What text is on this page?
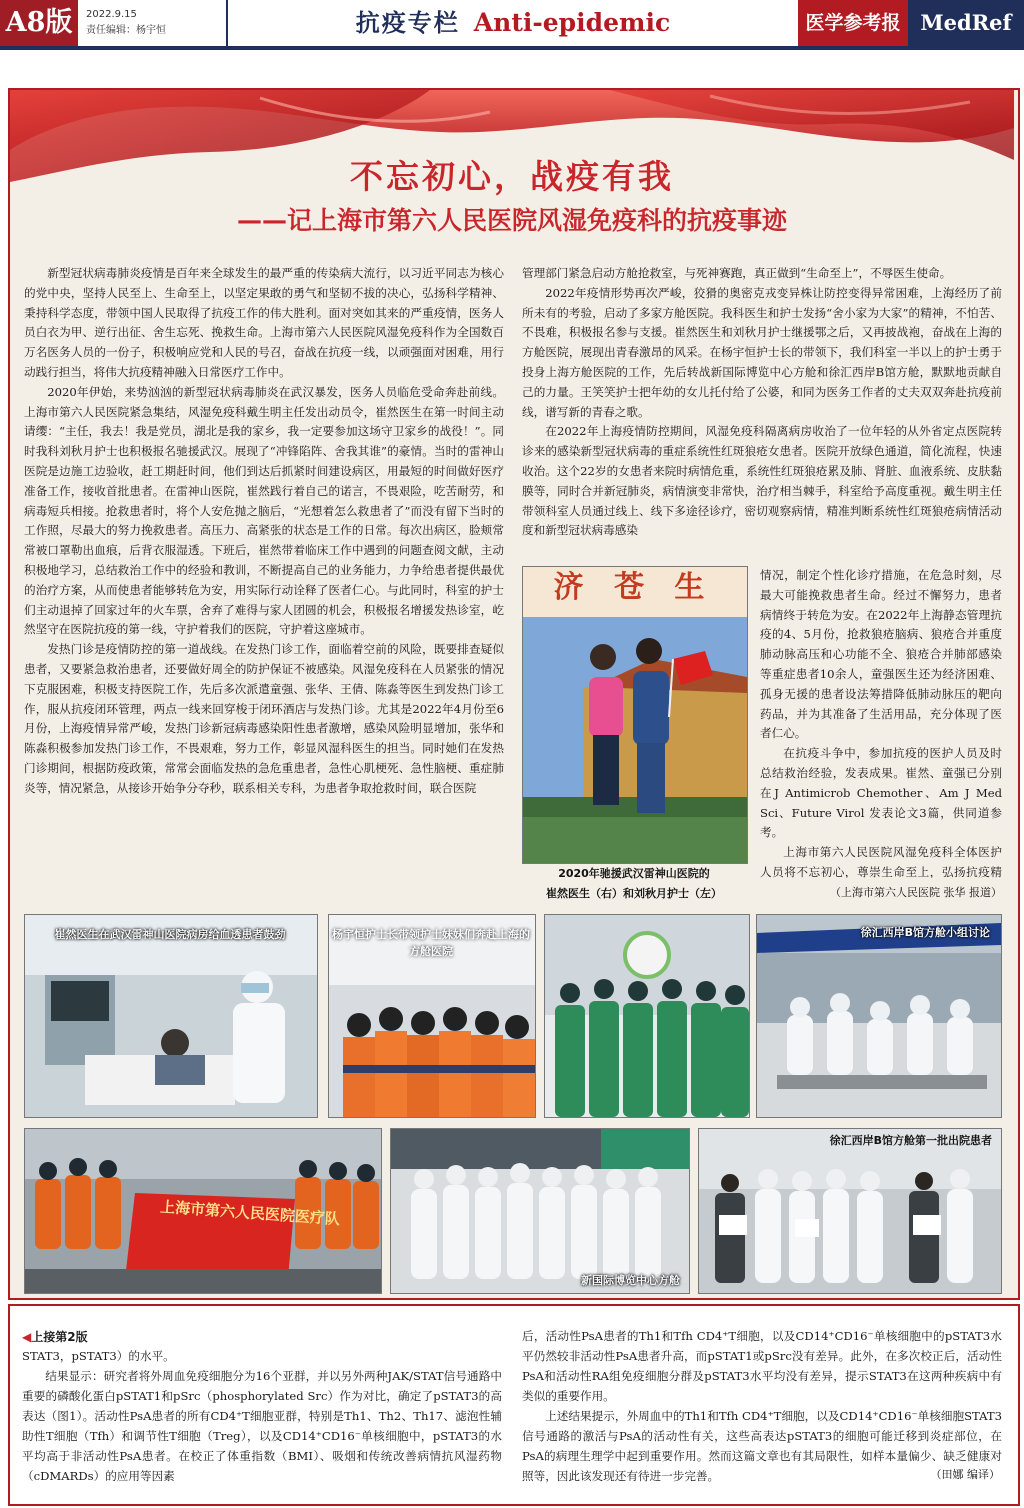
A8版	2022.9.15
责任编辑：杨宇恒	抗疫专栏 Anti-epidemic	医学参考报 MedRef
不忘初心，战疫有我
——记上海市第六人民医院风湿免疫科的抗疫事迹

新型冠状病毒肺炎疫情是百年来全球发生的最严重的传染病大流行，以习近平同志为核心的党中央，坚持人民至上、生命至上，以坚定果敢的勇气和坚韧不拔的决心，弘扬科学精神、秉持科学态度，带领中国人民取得了抗疫工作的伟大胜利。面对突如其来的严重疫情，医务人员白衣为甲、逆行出征、舍生忘死、挽救生命。上海市第六人民医院风湿免疫科作为全国数百万名医务人员的一份子，积极响应党和人民的号召，奋战在抗疫一线，以顽强面对困难，用行动践行担当，将伟大抗疫精神融入日常医疗工作中。

2020年伊始，来势汹汹的新型冠状病毒肺炎在武汉暴发，医务人员临危受命奔赴前线。上海市第六人民医院紧急集结，风湿免疫科戴生明主任发出动员令，崔然医生在第一时间主动请缨：“主任，我去！我是党员，湖北是我的家乡，我一定要参加这场守卫家乡的战役！”。同时我科刘秋月护士也积极报名驰援武汉。展现了“冲锋陷阵、舍我其谁”的豪情。当时的雷神山医院是边施工边验收，赶工期赶时间，他们到达后抓紧时间建设病区，用最短的时间做好医疗准备工作，接收首批患者。在雷神山医院，崔然践行着自己的诺言，不畏艰险，吃苦耐劳，和病毒短兵相接。抢救患者时，将个人安危抛之脑后，“光想着怎么救患者了”而没有留下当时的工作照，尽最大的努力挽救患者。高压力、高紧张的状态是工作的日常。每次出病区，脸颊常常被口罩勒出血痕，后背衣服湿透。下班后，崔然带着临床工作中遇到的问题查阅文献，主动积极地学习，总结救治工作中的经验和教训，不断提高自己的业务能力，力争给患者提供最优的治疗方案，从而使患者能够转危为安，用实际行动诠释了医者仁心。与此同时，科室的护士们主动退掉了回家过年的火车票，舍弃了难得与家人团圆的机会，积极报名增援发热诊室，屹然坚守在医院抗疫的第一线，守护着我们的医院，守护着这座城市。

发热门诊是疫情防控的第一道战线。在发热门诊工作，面临着空前的风险，既要排查疑似患者，又要紧急救治患者，还要做好周全的防护保证不被感染。风湿免疫科在人员紧张的情况下克服困难，积极支持医院工作，先后多次派遣童强、张华、王倩、陈淼等医生到发热门诊工作，服从抗疫闭环管理，两点一线来回穿梭于闭环酒店与发热门诊。尤其是2022年4月份至6月份，上海疫情异常严峻，发热门诊新冠病毒感染阳性患者激增，感染风险明显增加，张华和陈淼积极参加发热门诊工作，不畏艰难，努力工作，彰显风湿科医生的担当。同时她们在发热门诊期间，根据防疫政策，常常会面临发热的急危重患者，急性心肌梗死、急性脑梗、重症肺炎等，情况紧急，从接诊开始争分夺秒，联系相关专科，为患者争取抢救时间，联合医院

管理部门紧急启动方舱抢救室，与死神赛跑，真正做到“生命至上”，不辱医生使命。

2022年疫情形势再次严峻，狡猾的奥密克戎变异株让防控变得异常困难，上海经历了前所未有的考验，启动了多家方舱医院。我科医生和护士发扬“舍小家为大家”的精神，不怕苦、不畏难，积极报名参与支援。崔然医生和刘秋月护士继援鄂之后，又再披战袍，奋战在上海的方舱医院，展现出青春激昂的风采。在杨宇恒护士长的带领下，我们科室一半以上的护士勇于投身上海方舱医院的工作，先后转战新国际博览中心方舱和徐汇西岸B馆方舱，默默地贡献自己的力量。王笑笑护士把年幼的女儿托付给了公婆，和同为医务工作者的丈夫双双奔赴抗疫前线，谱写新的青春之歌。

在2022年上海疫情防控期间，风湿免疫科隔离病房收治了一位年轻的从外省定点医院转诊来的感染新型冠状病毒的重症系统性红斑狼疮女患者。医院开放绿色通道，简化流程，快速收治。这个22岁的女患者来院时病情危重，系统性红斑狼疮累及肺、肾脏、血液系统、皮肤黏膜等，同时合并新冠肺炎，病情演变非常快，治疗相当棘手，科室给予高度重视。戴生明主任带领科室人员通过线上、线下多途径诊疗，密切观察病情，精准判断系统性红斑狼疮病情活动度和新型冠状病毒感染

济 苍 生
2020年驰援武汉雷神山医院的
崔然医生（右）和刘秋月护士（左）

情况，制定个性化诊疗措施，在危急时刻，尽最大可能挽救患者生命。经过不懈努力，患者病情终于转危为安。在2022年上海静态管理抗疫的4、5月份，抢救狼疮脑病、狼疮合并重度肺动脉高压和心功能不全、狼疮合并肺部感染等重症患者10余人，童强医生还为经济困难、孤身无援的患者设法筹措降低肺动脉压的靶向药品，并为其准备了生活用品，充分体现了医者仁心。

在抗疫斗争中，参加抗疫的医护人员及时总结救治经验，发表成果。崔然、童强已分别在J Antimicrob Chemother、Am J Med Sci、Future Virol 发表论文3篇，供同道参考。

上海市第六人民医院风湿免疫科全体医护人员将不忘初心，尊崇生命至上，弘扬抗疫精

（上海市第六人民医院 张华 报道）
崔然医生在武汉雷神山医院病房给血透患者鼓劲	杨宇恒护士长带领护士妹妹们奔赴上海的方舱医院
徐汇西岸B馆方舱小组讨论
上海市第六人民医院医疗队
新国际博览中心方舱
徐汇西岸B馆方舱第一批出院患者
◀上接第2版

STAT3，pSTAT3）的水平。

结果显示：研究者将外周血免疫细胞分为16个亚群，并以另外两种JAK/STAT信号通路中重要的磷酸化蛋白pSTAT1和pSrc（phosphorylated Src）作为对比，确定了pSTAT3的高表达（图1）。活动性PsA患者的所有CD4⁺T细胞亚群，特别是Th1、Th2、Th17、滤泡性辅助性T细胞（Tfh）和调节性T细胞（Treg），以及CD14⁺CD16⁻单核细胞中，pSTAT3的水平均高于非活动性PsA患者。在校正了体重指数（BMI）、吸烟和传统改善病情抗风湿药物（cDMARDs）的应用等因素

后，活动性PsA患者的Th1和Tfh CD4⁺T细胞，以及CD14⁺CD16⁻单核细胞中的pSTAT3水平仍然较非活动性PsA患者升高，而pSTAT1或pSrc没有差异。此外，在多次校正后，活动性PsA和活动性RA组免疫细胞分群及pSTAT3水平均没有差异，提示STAT3在这两种疾病中有类似的重要作用。

上述结果提示，外周血中的Th1和Tfh CD4⁺T细胞，以及CD14⁺CD16⁻单核细胞STAT3信号通路的激活与PsA的活动性有关，这些高表达pSTAT3的细胞可能迁移到炎症部位，在PsA的病理生理学中起到重要作用。然而这篇文章也有其局限性，如样本量偏少、缺乏健康对照等，因此该发现还有待进一步完善。	（田娜 编译）
